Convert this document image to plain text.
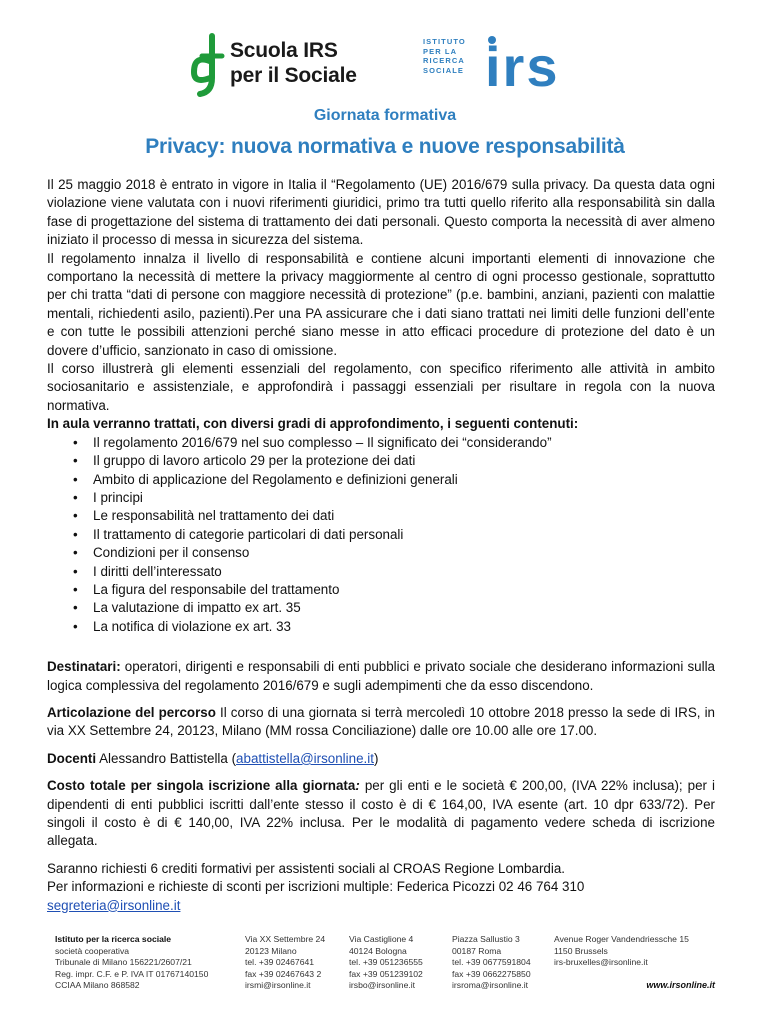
Scuola IRS
per il Sociale
ISTITUTO
PER LA
RICERCA
SOCIALE irs
Giornata formativa
Privacy: nuova normativa e nuove responsabilità

Il 25 maggio 2018 è entrato in vigore in Italia il “Regolamento (UE) 2016/679 sulla privacy. Da questa data ogni violazione viene valutata con i nuovi riferimenti giuridici, primo tra tutti quello riferito alla responsabilità sin dalla fase di progettazione del sistema di trattamento dei dati personali. Questo comporta la necessità di aver almeno iniziato il processo di messa in sicurezza del sistema.

Il regolamento innalza il livello di responsabilità e contiene alcuni importanti elementi di innovazione che comportano la necessità di mettere la privacy maggiormente al centro di ogni processo gestionale, soprattutto per chi tratta “dati di persone con maggiore necessità di protezione” (p.e. bambini, anziani, pazienti con malattie mentali, richiedenti asilo, pazienti).Per una PA assicurare che i dati siano trattati nei limiti delle funzioni dell’ente e con tutte le possibili attenzioni perché siano messe in atto efficaci procedure di protezione del dato è un dovere d’ufficio, sanzionato in caso di omissione.

Il corso illustrerà gli elementi essenziali del regolamento, con specifico riferimento alle attività in ambito sociosanitario e assistenziale, e approfondirà i passaggi essenziali per risultare in regola con la nuova normativa.

In aula verranno trattati, con diversi gradi di approfondimento, i seguenti contenuti:

• Il regolamento 2016/679 nel suo complesso – Il significato dei “considerando”
• Il gruppo di lavoro articolo 29 per la protezione dei dati
• Ambito di applicazione del Regolamento e definizioni generali
• I principi
• Le responsabilità nel trattamento dei dati
• Il trattamento di categorie particolari di dati personali
• Condizioni per il consenso
• I diritti dell’interessato
• La figura del responsabile del trattamento
• La valutazione di impatto ex art. 35
• La notifica di violazione ex art. 33

Destinatari: operatori, dirigenti e responsabili di enti pubblici e privato sociale che desiderano informazioni sulla logica complessiva del regolamento 2016/679 e sugli adempimenti che da esso discendono.

Articolazione del percorso Il corso di una giornata si terrà mercoledì 10 ottobre 2018 presso la sede di IRS, in via XX Settembre 24, 20123, Milano (MM rossa Conciliazione) dalle ore 10.00 alle ore 17.00.

Docenti Alessandro Battistella (abattistella@irsonline.it)

Costo totale per singola iscrizione alla giornata: per gli enti e le società € 200,00, (IVA 22% inclusa); per i dipendenti di enti pubblici iscritti dall’ente stesso il costo è di € 164,00, IVA esente (art. 10 dpr 633/72). Per singoli il costo è di € 140,00, IVA 22% inclusa. Per le modalità di pagamento vedere scheda di iscrizione allegata.

Saranno richiesti 6 crediti formativi per assistenti sociali al CROAS Regione Lombardia.

Per informazioni e richieste di sconti per iscrizioni multiple: Federica Picozzi 02 46 764 310

segreteria@irsonline.it

Istituto per la ricerca sociale
società cooperativa
Tribunale di Milano 156221/2607/21
Reg. impr. C.F. e P. IVA IT 01767140150
CCIAA Milano 868582
Via XX Settembre 24
20123 Milano
tel. +39 02467641
fax +39 02467643 2
irsmi@irsonline.it
Via Castiglione 4
40124 Bologna
tel. +39 051236555
fax +39 051239102
irsbo@irsonline.it
Piazza Sallustio 3
00187 Roma
tel. +39 0677591804
fax +39 0662275850
irsroma@irsonline.it
Avenue Roger Vandendriessche 15
1150 Brussels
irs-bruxelles@irsonline.it
www.irsonline.it
